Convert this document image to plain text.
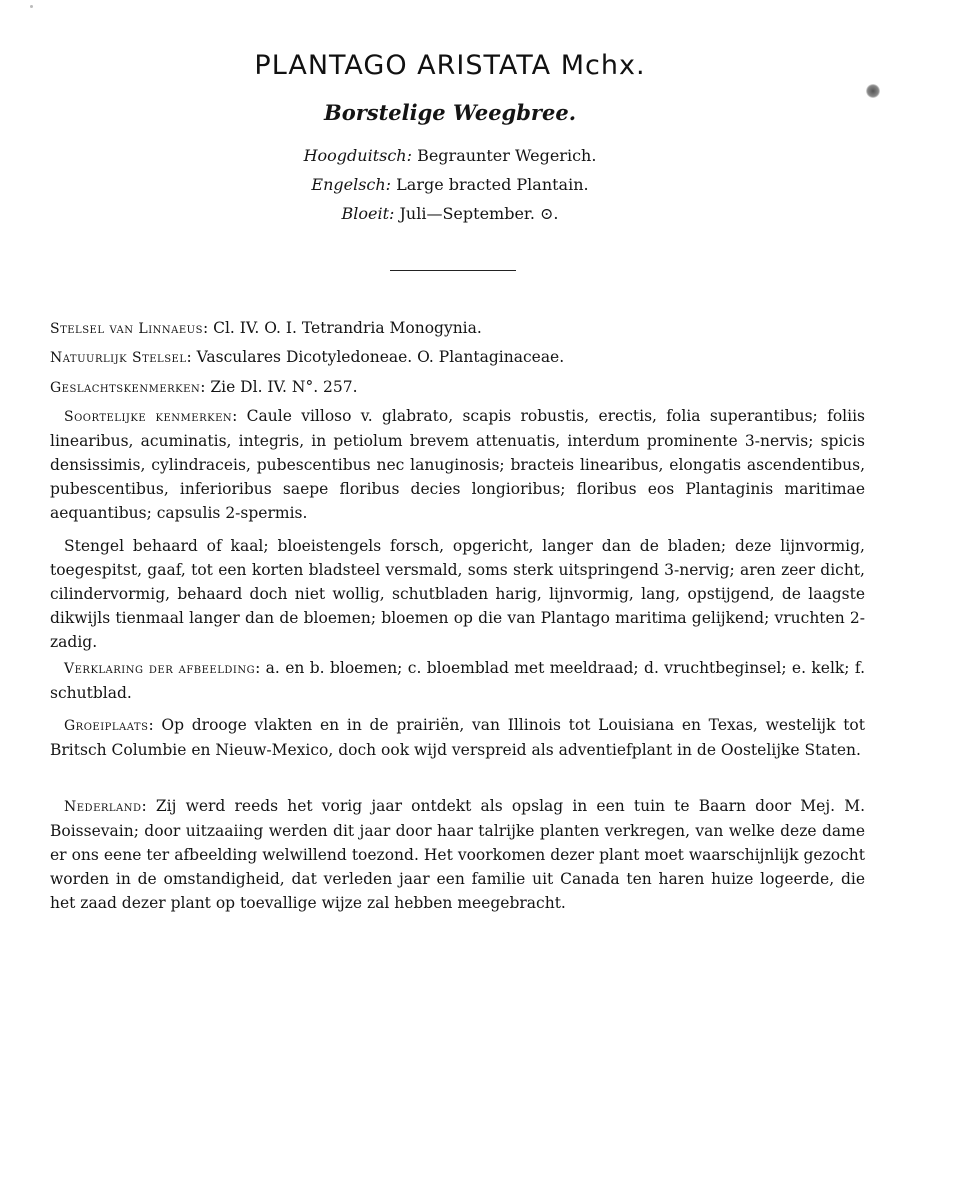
PLANTAGO ARISTATA Mchx.
Borstelige Weegbree.
Hoogduitsch: Begraunter Wegerich.
Engelsch: Large bracted Plantain.
Bloeit: Juli—September. ⊙.
Stelsel van Linnaeus: Cl. IV. O. I. Tetrandria Monogynia.
Natuurlijk Stelsel: Vasculares Dicotyledoneae. O. Plantaginaceae.
Geslachtskenmerken: Zie Dl. IV. N°. 257.
Soortelijke kenmerken: Caule villoso v. glabrato, scapis robustis, erectis, folia superantibus; foliis linearibus, acuminatis, integris, in petiolum brevem attenuatis, interdum prominente 3-nervis; spicis densissimis, cylindraceis, pubescentibus nec lanuginosis; bracteis linearibus, elongatis ascendentibus, pubescentibus, inferioribus saepe floribus decies longioribus; floribus eos Plantaginis maritimae aequantibus; capsulis 2-spermis.
Stengel behaard of kaal; bloeistengels forsch, opgericht, langer dan de bladen; deze lijnvormig, toegespitst, gaaf, tot een korten bladsteel versmald, soms sterk uitspringend 3-nervig; aren zeer dicht, cilindervormig, behaard doch niet wollig, schutbladen harig, lijnvormig, lang, opstijgend, de laagste dikwijls tienmaal langer dan de bloemen; bloemen op die van Plantago maritima gelijkend; vruchten 2-zadig.
Verklaring der afbeelding: a. en b. bloemen; c. bloemblad met meeldraad; d. vruchtbeginsel; e. kelk; f. schutblad.
Groeiplaats: Op drooge vlakten en in de prairiën, van Illinois tot Louisiana en Texas, westelijk tot Britsch Columbie en Nieuw-Mexico, doch ook wijd verspreid als adventiefplant in de Oostelijke Staten.
Nederland: Zij werd reeds het vorig jaar ontdekt als opslag in een tuin te Baarn door Mej. M. Boissevain; door uitzaaiing werden dit jaar door haar talrijke planten verkregen, van welke deze dame er ons eene ter afbeelding welwillend toezond. Het voorkomen dezer plant moet waarschijnlijk gezocht worden in de omstandigheid, dat verleden jaar een familie uit Canada ten haren huize logeerde, die het zaad dezer plant op toevallige wijze zal hebben meegebracht.
